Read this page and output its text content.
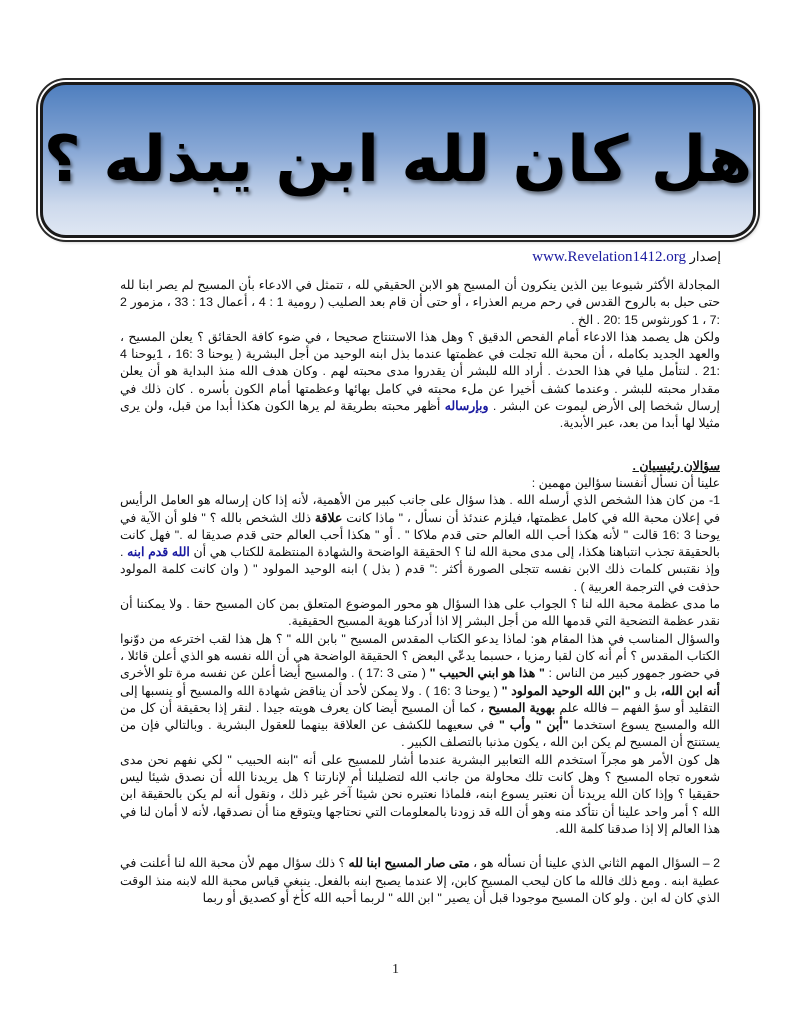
هل كان لله ابن يبذله ؟
إصدار www.Revelation1412.org

المجادلة الأكثر شيوعا بين الذين ينكرون أن المسيح هو الابن الحقيقي لله ، تتمثل في الادعاء بأن المسيح لم يصر ابنا لله حتى حبل به بالروح القدس في رحم مريم العذراء ، أو حتى أن قام بعد الصليب ( رومية 1 : 4 ، أعمال 13 : 33 ، مزمور 2 :7 ، 1 كورنثوس 15 :20 . الخ .

ولكن هل يصمد هذا الادعاء أمام الفحص الدقيق ؟ وهل هذا الاستنتاج صحيحا ، في ضوء كافة الحقائق ؟ يعلن المسيح ، والعهد الجديد بكامله ، أن محبة الله تجلت في عظمتها عندما بذل ابنه الوحيد من أجل البشرية ( يوحنا 3 :16 ، 1يوحنا 4 :21 . لنتأمل مليا في هذا الحدث . أراد الله للبشر أن يقدروا مدى محبته لهم . وكان هدف الله منذ البداية هو أن يعلن مقدار محبته للبشر . وعندما كشف أخيرا عن ملء محبته في كامل بهائها وعظمتها أمام الكون بأسره . كان ذلك في إرسال شخصا إلى الأرض ليموت عن البشر . وبإرساله أظهر محبته بطريقة لم يرها الكون هكذا أبدا من قبل، ولن يرى مثيلا لها أبدا من بعد، عبر الأبدية.

سؤالان رئيسيان .

علينا أن نسأل أنفسنا سؤالين مهمين :

1- من كان هذا الشخص الذي أرسله الله . هذا سؤال على جانب كبير من الأهمية، لأنه إذا كان إرساله هو العامل الرأيس في إعلان محبة الله في كامل عظمتها، فيلزم عندئذ أن نسأل ، " ماذا كانت علاقة ذلك الشخص بالله ؟ " فلو أن الآية في يوحنا 3 :16 قالت " لأنه هكذا أحب الله العالم حتى قدم ملاكا " . أو " هكذا أحب العالم حتى قدم صديقا له ." فهل كانت بالحقيقة تجذب انتباهنا هكذا، إلى مدى محبة الله لنا ؟ الحقيقة الواضحة والشهادة المنتظمة للكتاب هي أن الله قدم ابنه . وإذ نقتبس كلمات ذلك الابن نفسه تتجلى الصورة أكثر :" قدم ( بذل ) ابنه الوحيد المولود " ( وان كانت كلمة المولود حذفت في الترجمة العربية ) .

ما مدى عظمة محبة الله لنا ؟ الجواب على هذا السؤال هو محور الموضوع المتعلق بمن كان المسيح حقا . ولا يمكننا أن نقدر عظمة التضحية التي قدمها الله من أجل البشر إلا اذا أدركنا هوية المسيح الحقيقية.

والسؤال المناسب في هذا المقام هو: لماذا يدعو الكتاب المقدس المسيح " بابن الله " ؟ هل هذا لقب اخترعه من دوّنوا الكتاب المقدس ؟ أم أنه كان لقبا رمزيا ، حسبما يدعّي البعض ؟ الحقيقة الواضحة هي أن الله نفسه هو الذي أعلن قائلا ، في حضور جمهور كبير من الناس : " هذا هو ابني الحبيب " ( متى 3 :17 ) . والمسيح أيضا أعلن عن نفسه مرة تلو الأخرى أنه ابن الله، بل و "ابن الله الوحيد المولود " ( يوحنا 3 :16 ) . ولا يمكن لأحد أن يناقض شهادة الله والمسيح أو ينسبها إلى التقليد أو سؤ الفهم – فالله علم بهوية المسيح ، كما أن المسيح أيضا كان يعرف هويته جيدا . لنقر إذا بحقيقة أن كل من الله والمسيح يسوع استخدما "أبن " وأب " في سعيهما للكشف عن العلاقة بينهما للعقول البشرية . وبالتالي فإن من يستنتج أن المسيح لم يكن ابن الله ، يكون مذنبا بالتصلف الكبير .

هل كون الأمر هو مجرآ استخدم الله التعابير البشرية عندما أشار للمسيح على أنه "ابنه الحبيب " لكي نفهم نحن مدى شعوره تجاه المسيح ؟ وهل كانت تلك محاولة من جانب الله لتضليلنا أم لإنارتنا ؟ هل يريدنا الله أن نصدق شيئا ليس حقيقيا ؟ وإذا كان الله يريدنا أن نعتبر يسوع ابنه، فلماذا نعتبره نحن شيئا آخر غير ذلك ، ونقول أنه لم يكن بالحقيقة ابن الله ؟ أمر واحد علينا أن نتأكد منه وهو أن الله قد زودنا بالمعلومات التي نحتاجها ويتوقع منا أن نصدقها، لأنه لا أمان لنا في هذا العالم إلا إذا صدقنا كلمة الله.

2 – السؤال المهم الثاني الذي علينا أن نسأله هو ، متى صار المسيح ابنا لله ؟ ذلك سؤال مهم لأن محبة الله لنا أعلنت في عطية ابنه . ومع ذلك فالله ما كان ليحب المسيح كابن، إلا عندما يصبح ابنه بالفعل. ينبغي قياس محبة الله لابنه منذ الوقت الذي كان له ابن . ولو كان المسيح موجودا قبل أن يصير " ابن الله " لربما أحبه الله كأخ أو كصديق أو ربما

1
